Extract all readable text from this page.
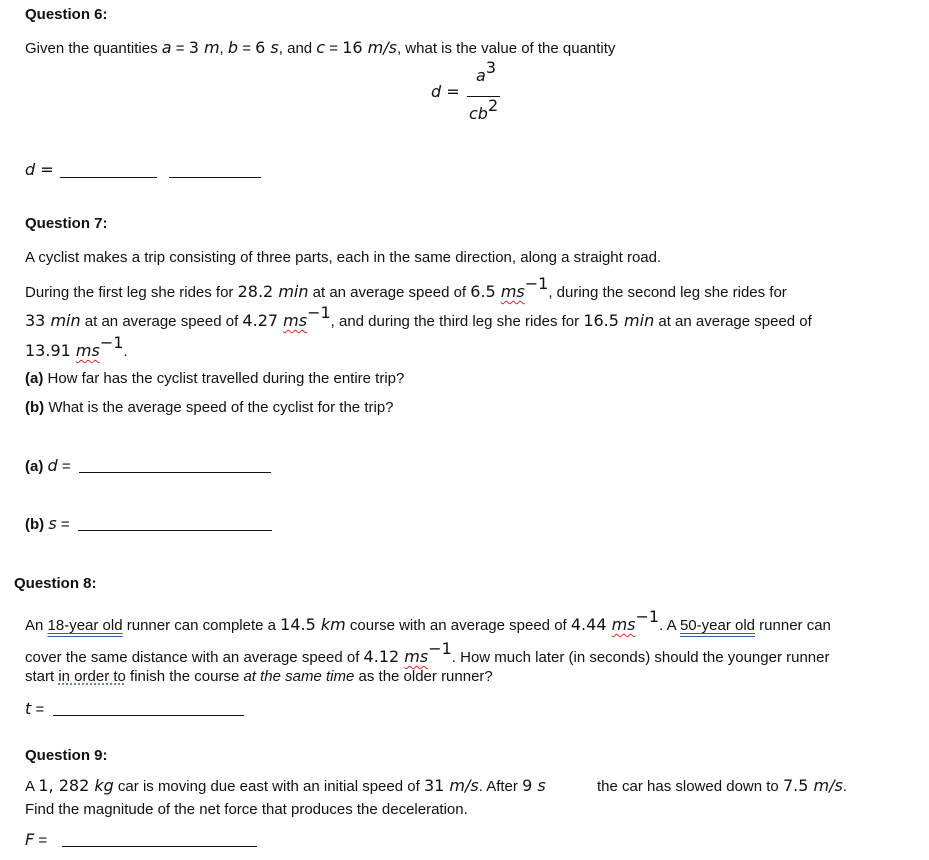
Question 6:
Given the quantities a = 3 m, b = 6 s, and c = 16 m/s, what is the value of the quantity
d =
a3
cb2
d =
Question 7:
A cyclist makes a trip consisting of three parts, each in the same direction, along a straight road.
During the first leg she rides for 28.2 min at an average speed of 6.5 ms−1, during the second leg she rides for
33 min at an average speed of 4.27 ms−1, and during the third leg she rides for 16.5 min at an average speed of
13.91 ms−1.
(a) How far has the cyclist travelled during the entire trip?
(b) What is the average speed of the cyclist for the trip?
(a) d =
(b) s =
Question 8:
An 18-year old runner can complete a 14.5 km course with an average speed of 4.44 ms−1. A 50-year old runner can
cover the same distance with an average speed of 4.12 ms−1. How much later (in seconds) should the younger runner
start in order to finish the course at the same time as the older runner?
t =
Question 9:
A 1, 282 kg car is moving due east with an initial speed of 31 m/s. After 9 s	the car has slowed down to 7.5 m/s.
Find the magnitude of the net force that produces the deceleration.
F =
